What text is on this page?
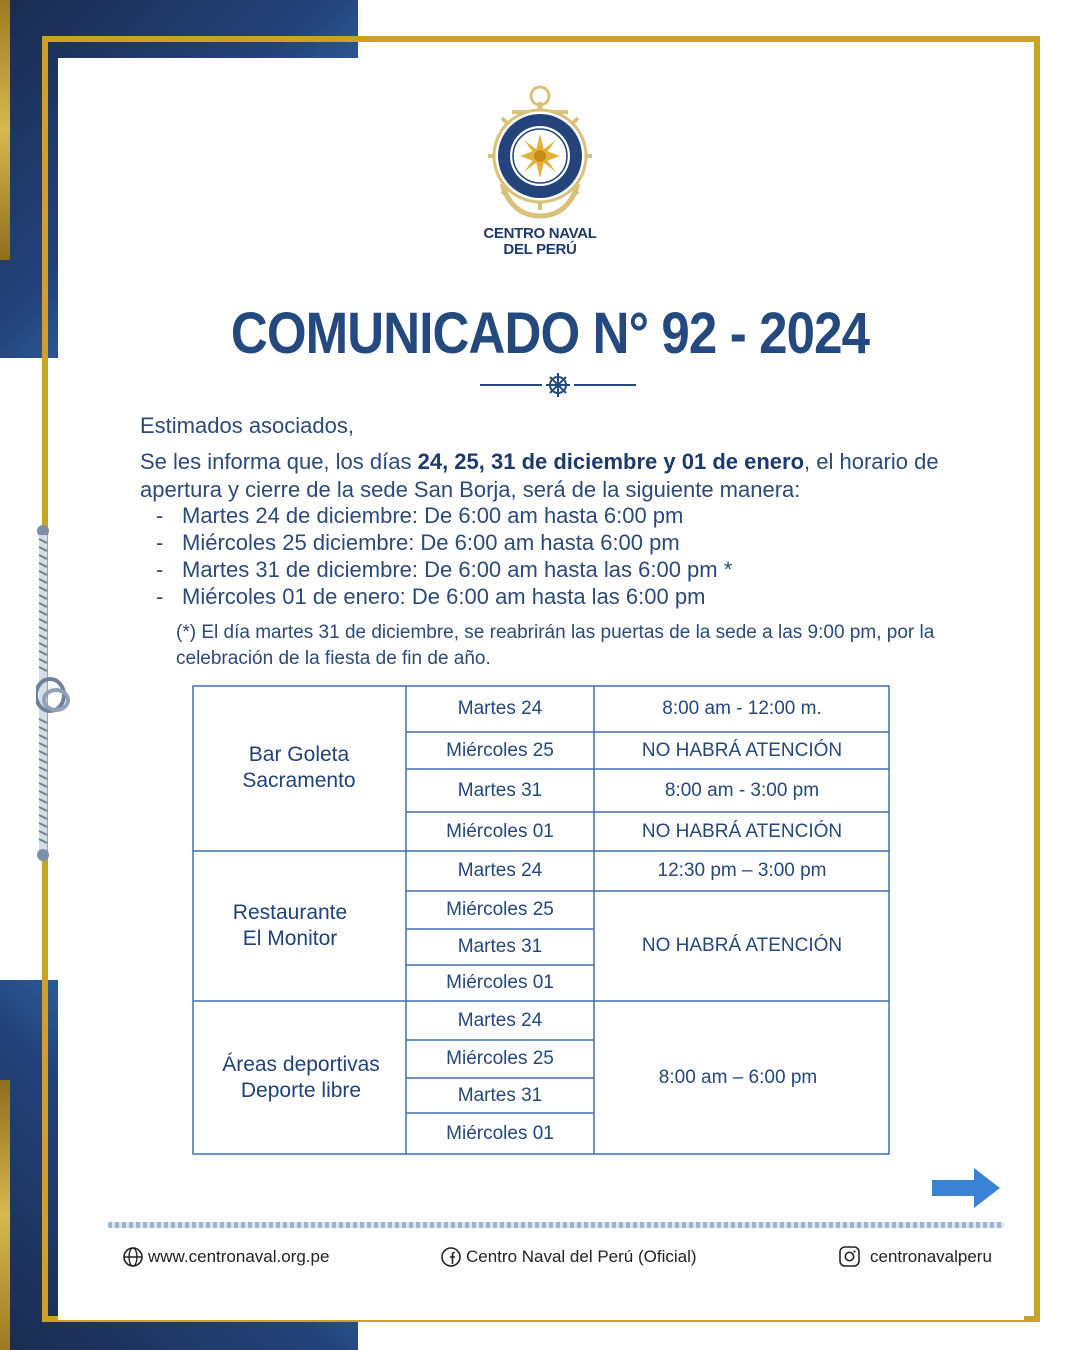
CENTRO NAVAL
DEL PERÚ
COMUNICADO N° 92 - 2024
Estimados asociados,
Se les informa que, los días 24, 25, 31 de diciembre y 01 de enero, el horario de apertura y cierre de la sede San Borja, será de la siguiente manera:
- Martes 24 de diciembre: De 6:00 am hasta 6:00 pm
- Miércoles 25 diciembre: De 6:00 am hasta 6:00 pm
- Martes 31 de diciembre: De 6:00 am hasta las 6:00 pm *
- Miércoles 01 de enero: De 6:00 am hasta las 6:00 pm
(*) El día martes 31 de diciembre, se reabrirán las puertas de la sede a las 9:00 pm, por la celebración de la fiesta de fin de año.
Bar Goleta
Sacramento
Martes 24
Miércoles 25
Martes 31
Miércoles 01
8:00 am - 12:00 m.
NO HABRÁ ATENCIÓN
8:00 am - 3:00 pm
NO HABRÁ ATENCIÓN
Restaurante
El Monitor
Martes 24
Miércoles 25
Martes 31
Miércoles 01
12:30 pm – 3:00 pm
NO HABRÁ ATENCIÓN
Áreas deportivas
Deporte libre
Martes 24
Miércoles 25
Martes 31
Miércoles 01
8:00 am – 6:00 pm
www.centronaval.org.pe	Centro Naval del Perú (Oficial)	centronavalperu
